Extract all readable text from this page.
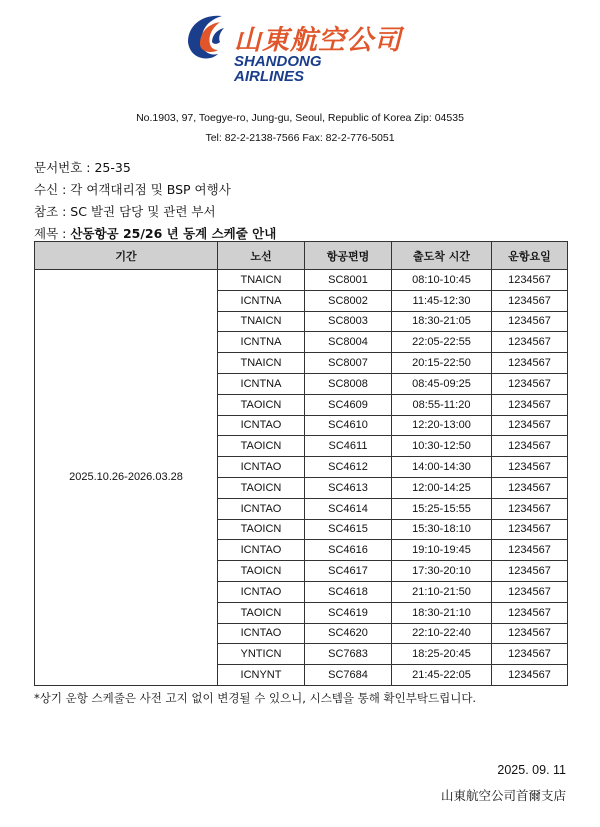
山東航空公司
SHANDONG
AIRLINES
No.1903, 97, Toegye-ro, Jung-gu, Seoul, Republic of Korea Zip: 04535
Tel: 82-2-2138-7566 Fax: 82-2-776-5051
문서번호 : 25-35
수신 : 각 여객대리점 및 BSP 여행사
참조 : SC 발권 담당 및 관련 부서
제목 : 산동항공 25/26 년 동계 스케줄 안내
기간	노선	항공편명	출도착 시간	운항요일
2025.10.26-2026.03.28	TNAICN	SC8001	08:10-10:45	1234567
	ICNTNA	SC8002	11:45-12:30	1234567
	TNAICN	SC8003	18:30-21:05	1234567
	ICNTNA	SC8004	22:05-22:55	1234567
	TNAICN	SC8007	20:15-22:50	1234567
	ICNTNA	SC8008	08:45-09:25	1234567
	TAOICN	SC4609	08:55-11:20	1234567
	ICNTAO	SC4610	12:20-13:00	1234567
	TAOICN	SC4611	10:30-12:50	1234567
	ICNTAO	SC4612	14:00-14:30	1234567
	TAOICN	SC4613	12:00-14:25	1234567
	ICNTAO	SC4614	15:25-15:55	1234567
	TAOICN	SC4615	15:30-18:10	1234567
	ICNTAO	SC4616	19:10-19:45	1234567
	TAOICN	SC4617	17:30-20:10	1234567
	ICNTAO	SC4618	21:10-21:50	1234567
	TAOICN	SC4619	18:30-21:10	1234567
	ICNTAO	SC4620	22:10-22:40	1234567
	YNTICN	SC7683	18:25-20:45	1234567
	ICNYNT	SC7684	21:45-22:05	1234567
*상기 운항 스케줄은 사전 고지 없이 변경될 수 있으니, 시스템을 통해 확인부탁드립니다.
2025. 09. 11
山東航空公司首爾支店
